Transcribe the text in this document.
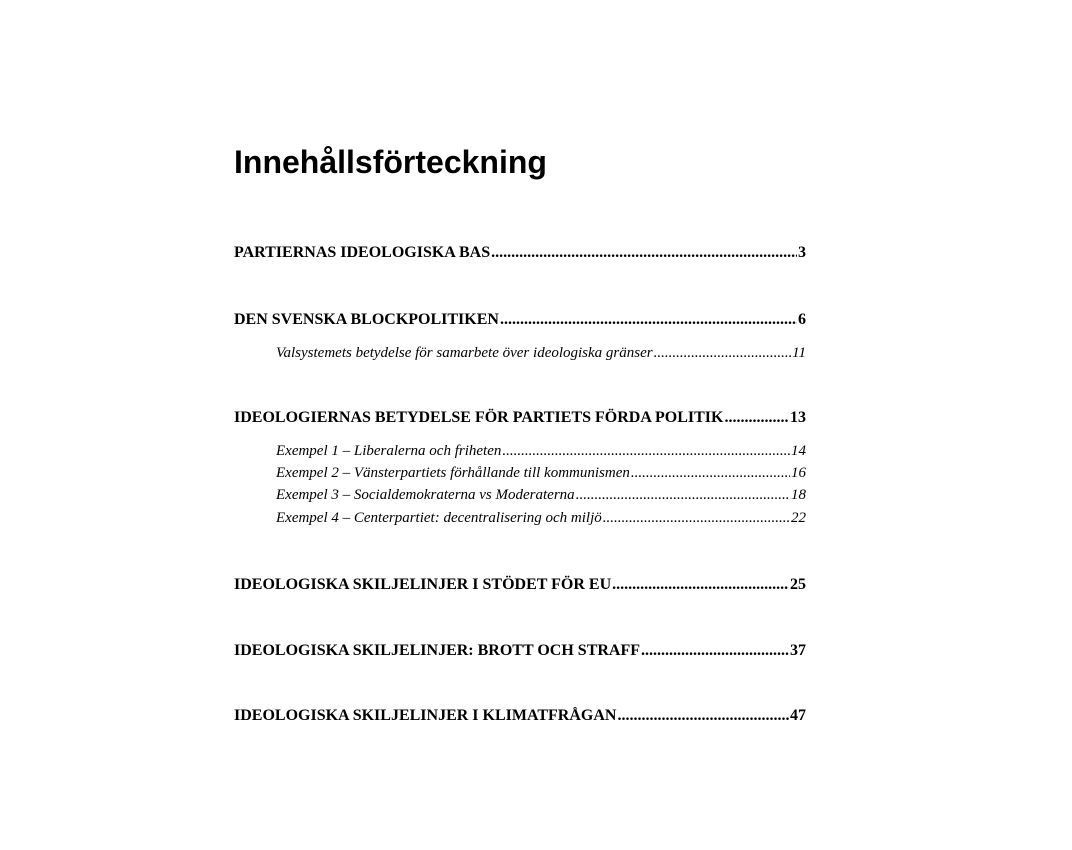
Innehållsförteckning
PARTIERNAS IDEOLOGISKA BAS .....	3
DEN SVENSKA BLOCKPOLITIKEN .....	6
Valsystemets betydelse för samarbete över ideologiska gränser .....	11
IDEOLOGIERNAS BETYDELSE FÖR PARTIETS FÖRDA POLITIK .....	13
Exempel 1 – Liberalerna och friheten .....	14
Exempel 2 – Vänsterpartiets förhållande till kommunismen .....	16
Exempel 3 – Socialdemokraterna vs Moderaterna .....	18
Exempel 4 – Centerpartiet: decentralisering och miljö .....	22
IDEOLOGISKA SKILJELINJER I STÖDET FÖR EU .....	25
IDEOLOGISKA SKILJELINJER: BROTT OCH STRAFF .....	37
IDEOLOGISKA SKILJELINJER I KLIMATFRÅGAN .....	47
